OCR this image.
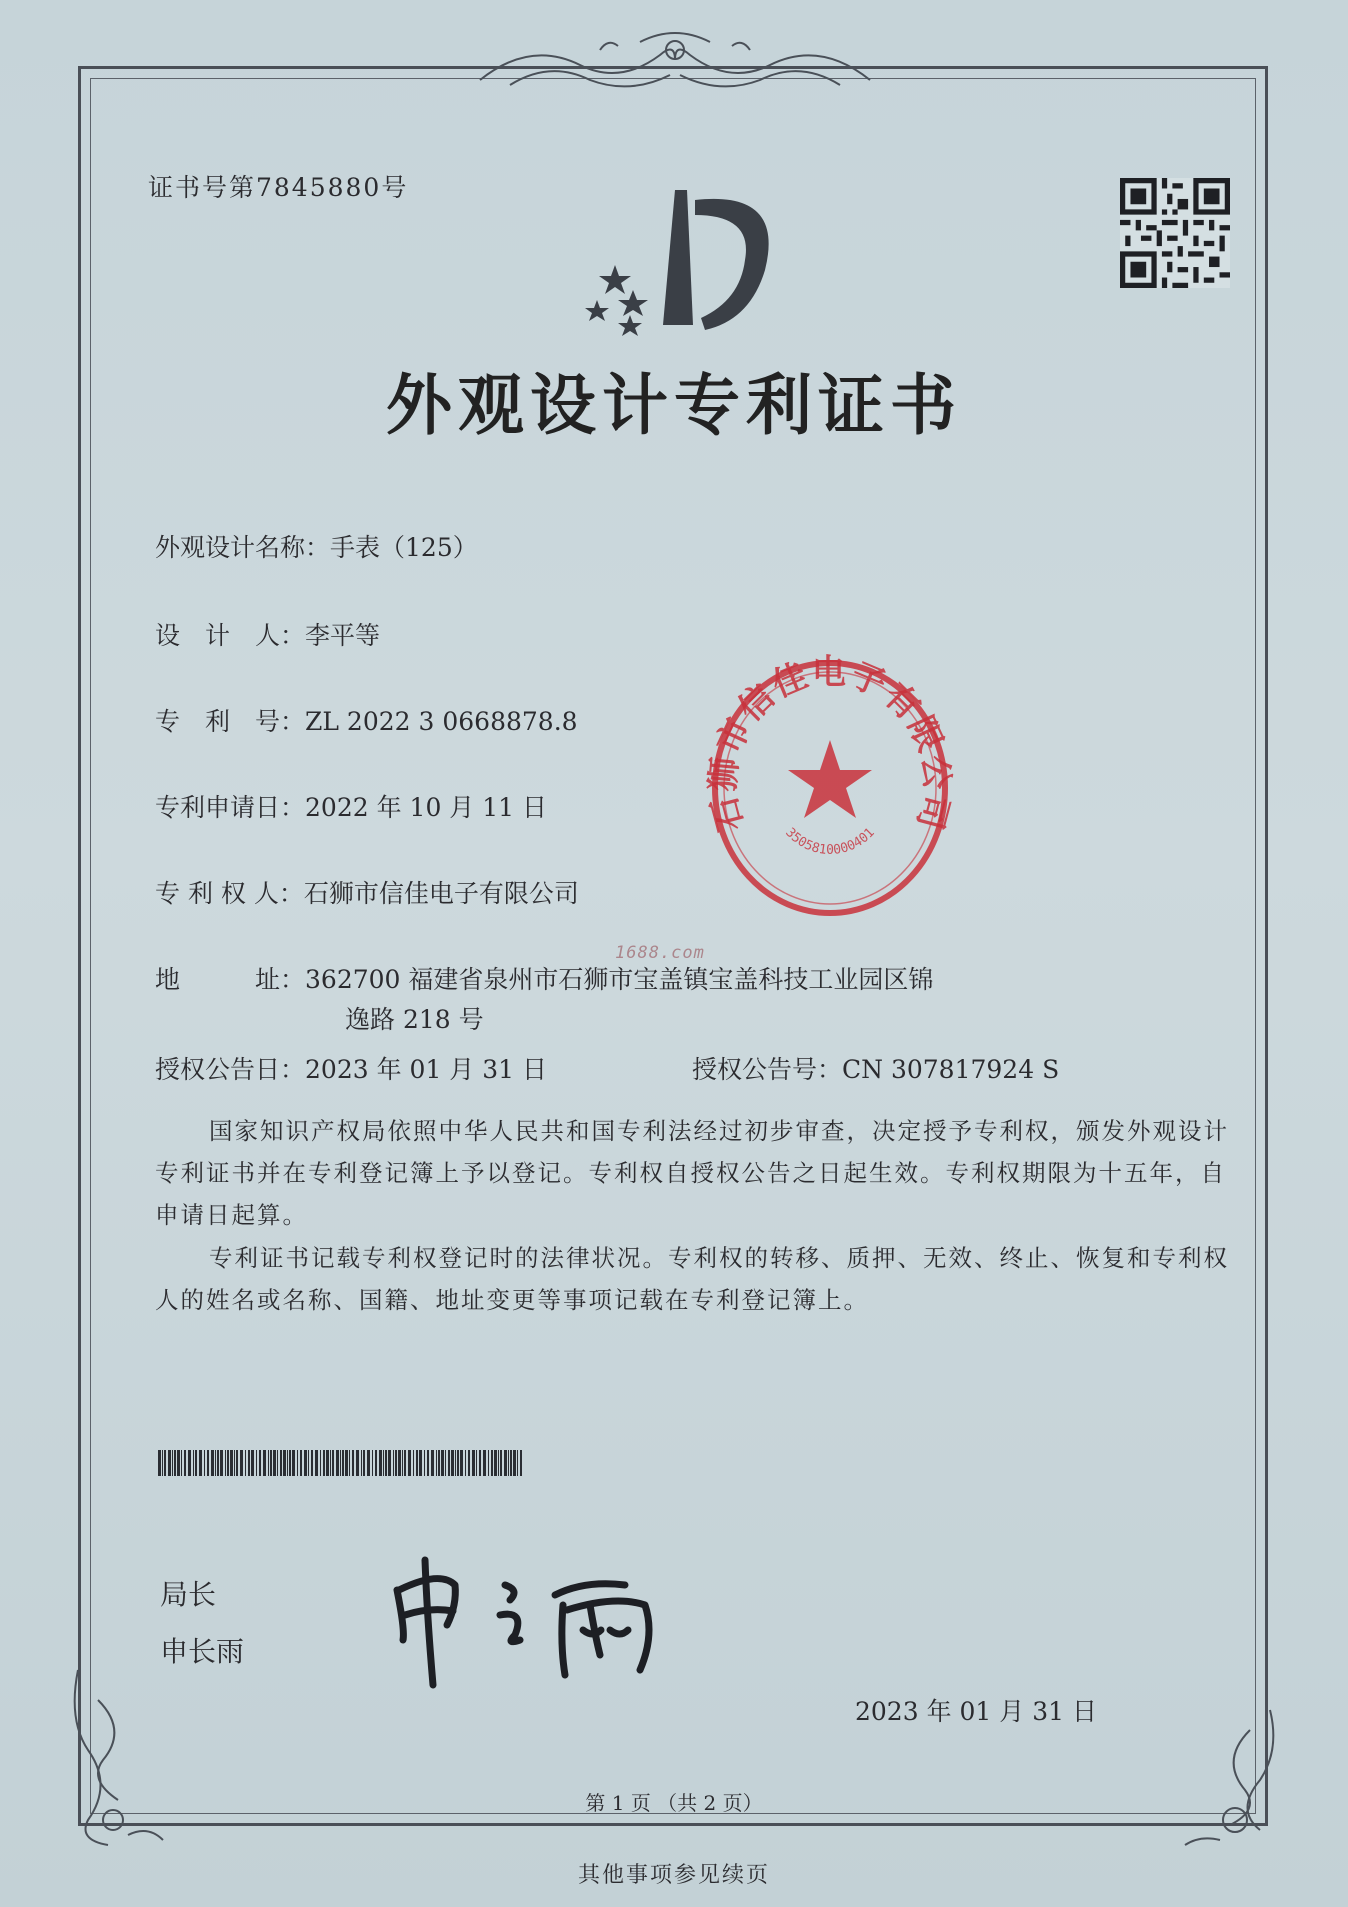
证书号第7845880号
外观设计专利证书
外观设计名称：手表（125）
设　计　人：李平等
专　利　号：ZL 2022 3 0668878.8
专利申请日：2022 年 10 月 11 日
专 利 权 人：石狮市信佳电子有限公司
地　　　址：362700 福建省泉州市石狮市宝盖镇宝盖科技工业园区锦
逸路 218 号
授权公告日：2023 年 01 月 31 日	授权公告号：CN 307817924 S

国家知识产权局依照中华人民共和国专利法经过初步审查，决定授予专利权，颁发外观设计专利证书并在专利登记簿上予以登记。专利权自授权公告之日起生效。专利权期限为十五年，自申请日起算。

专利证书记载专利权登记时的法律状况。专利权的转移、质押、无效、终止、恢复和专利权人的姓名或名称、国籍、地址变更等事项记载在专利登记簿上。

石狮市信佳电子有限公司
3505810000401
1688.com
局长
申长雨
2023 年 01 月 31 日
第 1 页 （共 2 页）
其他事项参见续页
